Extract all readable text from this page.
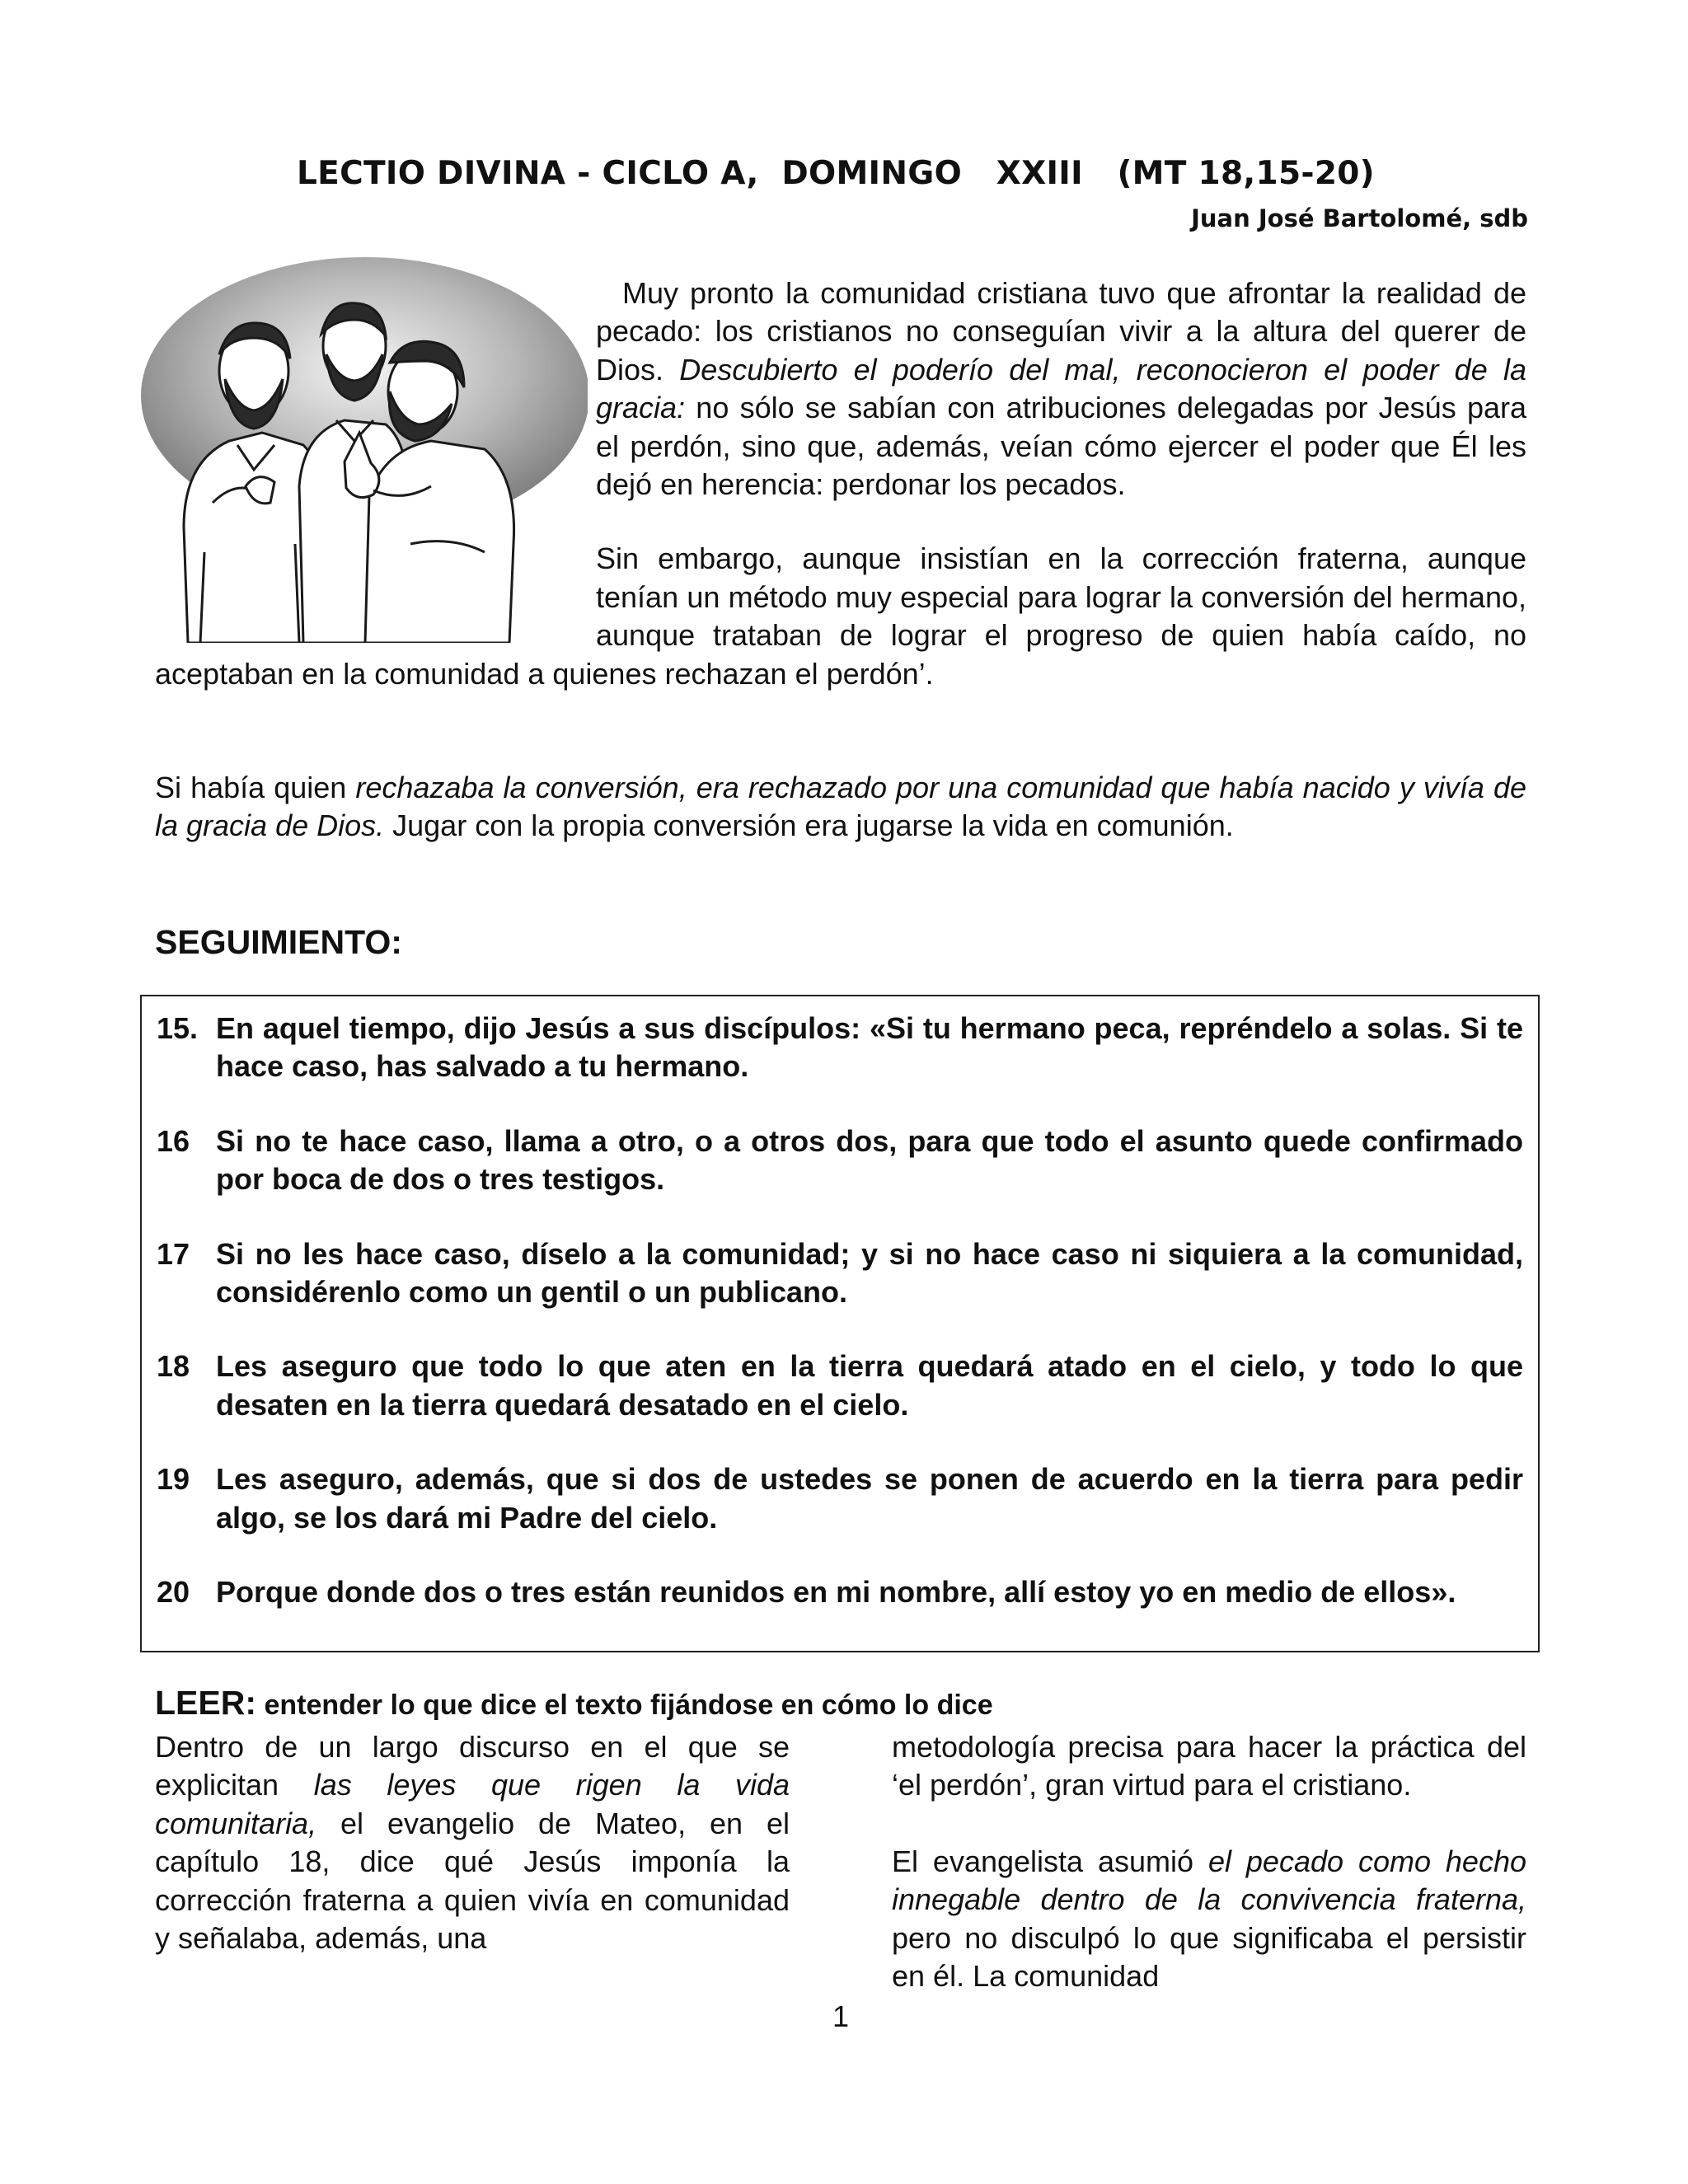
LECTIO DIVINA - CICLO A,  DOMINGO   XXIII   (MT 18,15-20)
Juan José Bartolomé, sdb

Muy pronto la comunidad cristiana tuvo que afrontar la realidad de pecado: los cristianos no conseguían vivir a la altura del querer de Dios. Descubierto el poderío del mal, reconocieron el poder de la gracia: no sólo se sabían con atribuciones delegadas por Jesús para el perdón, sino que, además, veían cómo ejercer el poder que Él les dejó en herencia: perdonar los pecados.

Sin embargo, aunque insistían en la corrección fraterna, aunque tenían un método muy especial para lograr la conversión del hermano, aunque trataban de lograr el progreso de quien había caído, no aceptaban en la comunidad a quienes rechazan el perdón’.

Si había quien rechazaba la conversión, era rechazado por una comunidad que había nacido y vivía de la gracia de Dios. Jugar con la propia conversión era jugarse la vida en comunión.

SEGUIMIENTO:
15. En aquel tiempo, dijo Jesús a sus discípulos: «Si tu hermano peca, repréndelo a solas. Si te hace caso, has salvado a tu hermano.
16 Si no te hace caso, llama a otro, o a otros dos, para que todo el asunto quede confirmado por boca de dos o tres testigos.
17 Si no les hace caso, díselo a la comunidad; y si no hace caso ni siquiera a la comunidad, considérenlo como un gentil o un publicano.
18 Les aseguro que todo lo que aten en la tierra quedará atado en el cielo, y todo lo que desaten en la tierra quedará desatado en el cielo.
19 Les aseguro, además, que si dos de ustedes se ponen de acuerdo en la tierra para pedir algo, se los dará mi Padre del cielo.
20 Porque donde dos o tres están reunidos en mi nombre, allí estoy yo en medio de ellos».

LEER: entender lo que dice el texto fijándose en cómo lo dice

Dentro de un largo discurso en el que se explicitan las leyes que rigen la vida comunitaria, el evangelio de Mateo, en el capítulo 18, dice qué Jesús imponía la corrección fraterna a quien vivía en comunidad y señalaba, además, una

metodología precisa para hacer la práctica del ‘el perdón’, gran virtud para el cristiano.

El evangelista asumió el pecado como hecho innegable dentro de la convivencia fraterna, pero no disculpó lo que significaba el persistir en él. La comunidad

1
